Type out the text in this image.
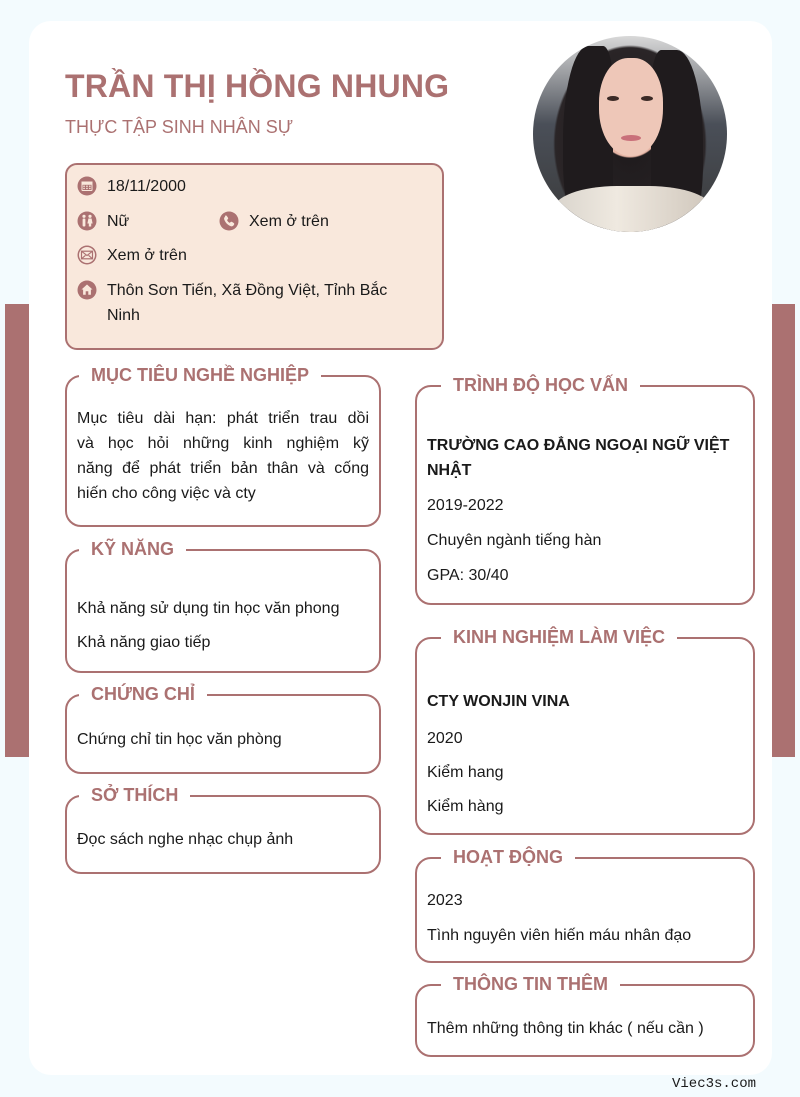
TRẦN THỊ HỒNG NHUNG
THỰC TẬP SINH NHÂN SỰ
18/11/2000
Nữ	Xem ở trên
Xem ở trên
Thôn Sơn Tiến, Xã Đồng Việt, Tỉnh Bắc
Ninh
MỤC TIÊU NGHỀ NGHIỆP

Mục tiêu dài hạn: phát triển trau dồi

và học hỏi những kinh nghiệm kỹ

năng để phát triển bản thân và cống

hiến cho công việc và cty

KỸ NĂNG

Khả năng sử dụng tin học văn phong

Khả năng giao tiếp

CHỨNG CHỈ

Chứng chỉ tin học văn phòng

SỞ THÍCH

Đọc sách nghe nhạc chụp ảnh

TRÌNH ĐỘ HỌC VẤN

TRƯỜNG CAO ĐẲNG NGOẠI NGỮ VIỆT

NHẬT

2019-2022

Chuyên ngành tiếng hàn

GPA: 30/40

KINH NGHIỆM LÀM VIỆC

CTY WONJIN VINA

2020

Kiểm hang

Kiểm hàng

HOẠT ĐỘNG

2023

Tình nguyên viên hiến máu nhân đạo

THÔNG TIN THÊM

Thêm những thông tin khác ( nếu cần )

Viec3s.com
